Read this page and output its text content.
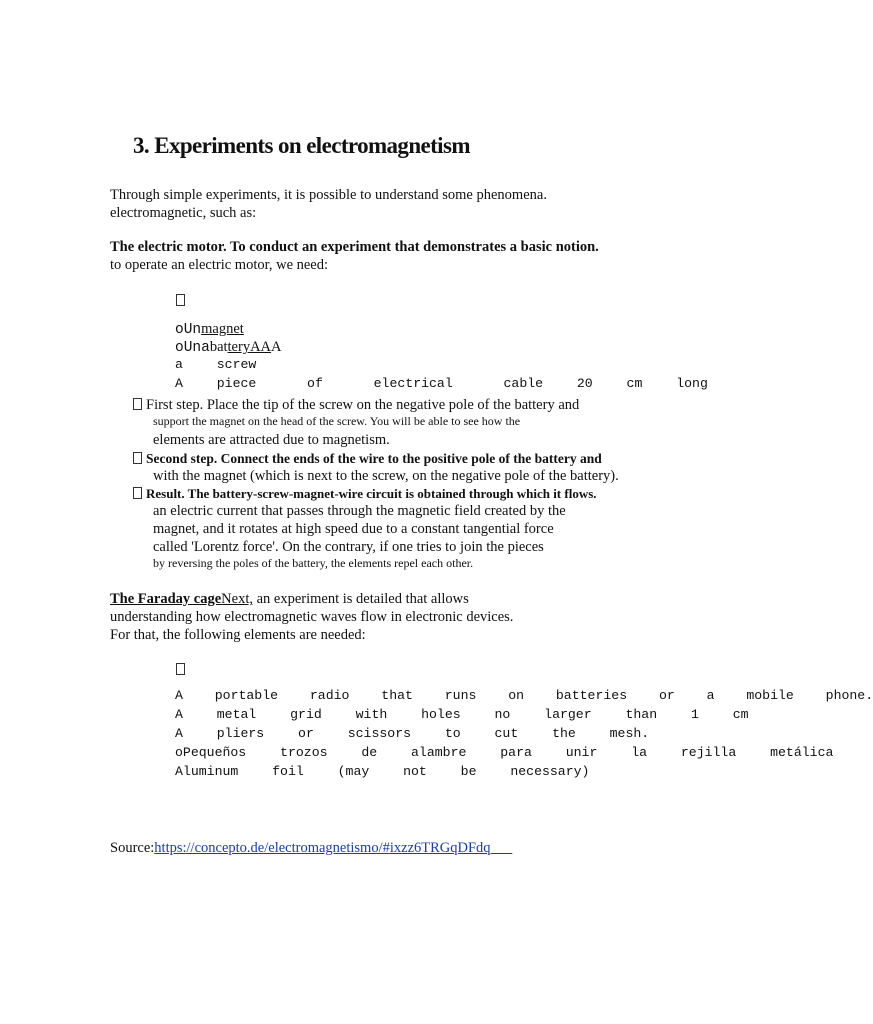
3. Experiments on electromagnetism
Through simple experiments, it is possible to understand some phenomena.
electromagnetic, such as:
The electric motor. To conduct an experiment that demonstrates a basic notion.
to operate an electric motor, we need:
oUnmagnet
oUnabatteryAAA
a  screw
A  piece   of   electrical   cable  20  cm  long
First step. Place the tip of the screw on the negative pole of the battery and
support the magnet on the head of the screw. You will be able to see how the
elements are attracted due to magnetism.
Second step. Connect the ends of the wire to the positive pole of the battery and
with the magnet (which is next to the screw, on the negative pole of the battery).
Result. The battery-screw-magnet-wire circuit is obtained through which it flows.
an electric current that passes through the magnetic field created by the
magnet, and it rotates at high speed due to a constant tangential force
called 'Lorentz force'. On the contrary, if one tries to join the pieces
by reversing the poles of the battery, the elements repel each other.
The Faraday cageNext, an experiment is detailed that allows
understanding how electromagnetic waves flow in electronic devices.
For that, the following elements are needed:
A  portable  radio  that  runs  on  batteries  or  a  mobile  phone.
A  metal  grid  with  holes  no  larger  than  1  cm
A  pliers  or  scissors  to  cut  the  mesh.
oPequeños  trozos  de  alambre  para  unir  la  rejilla  metálica
Aluminum  foil  (may  not  be  necessary)
Source:https://concepto.de/electromagnetismo/#ixzz6TRGqDFdq
